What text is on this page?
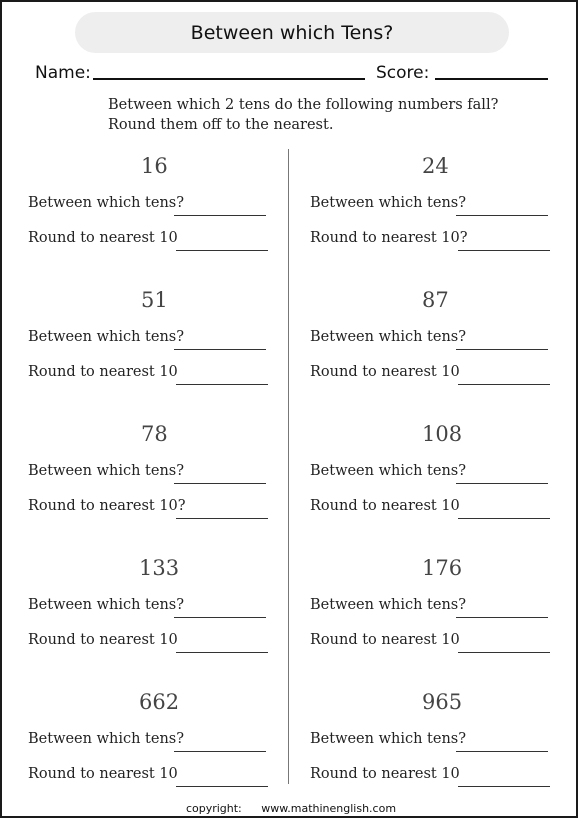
Between which Tens?
Name:	Score:
Between which 2 tens do the following numbers fall?
Round them off to the nearest.
16
Between which tens?
Round to nearest 10
24
Between which tens?
Round to nearest 10?
51
Between which tens?
Round to nearest 10
87
Between which tens?
Round to nearest 10
78
Between which tens?
Round to nearest 10?
108
Between which tens?
Round to nearest 10
133
Between which tens?
Round to nearest 10
176
Between which tens?
Round to nearest 10
662
Between which tens?
Round to nearest 10
965
Between which tens?
Round to nearest 10
copyright: www.mathinenglish.com
